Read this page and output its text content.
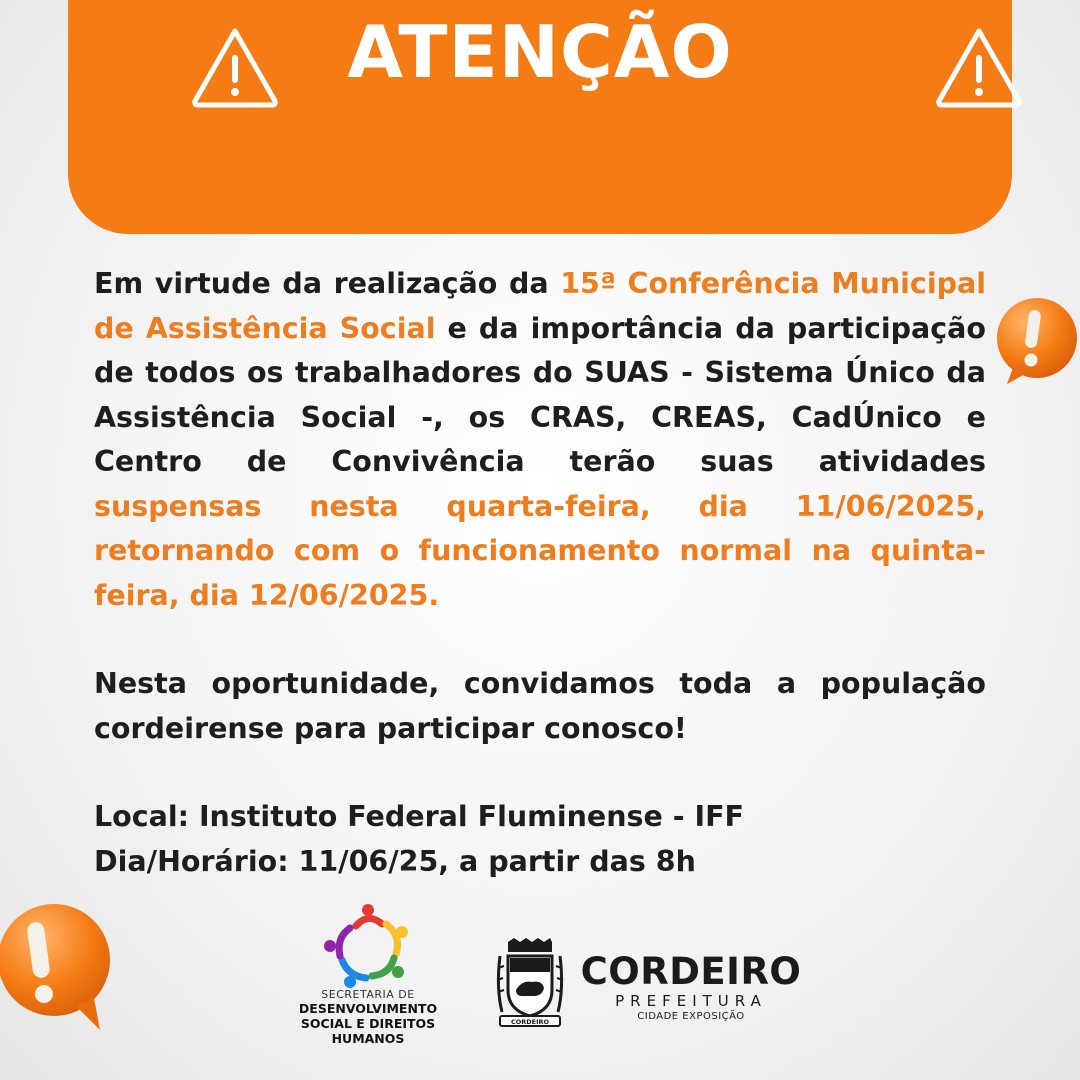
ATENÇÃO

Em virtude da realização da 15ª Conferência Municipal de Assistência Social e da importância da participação de todos os trabalhadores do SUAS - Sistema Único da Assistência Social -, os CRAS, CREAS, CadÚnico e Centro de Convivência terão suas atividades suspensas nesta quarta-feira, dia 11/06/2025, retornando com o funcionamento normal na quinta-feira, dia 12/06/2025.

Nesta oportunidade, convidamos toda a população cordeirense para participar conosco!

Local: Instituto Federal Fluminense - IFF
Dia/Horário: 11/06/25, a partir das 8h
SECRETARIA DE
DESENVOLVIMENTO
SOCIAL E DIREITOS
HUMANOS
CORDEIRO
CORDEIRO
PREFEITURA
CIDADE EXPOSIÇÃO
